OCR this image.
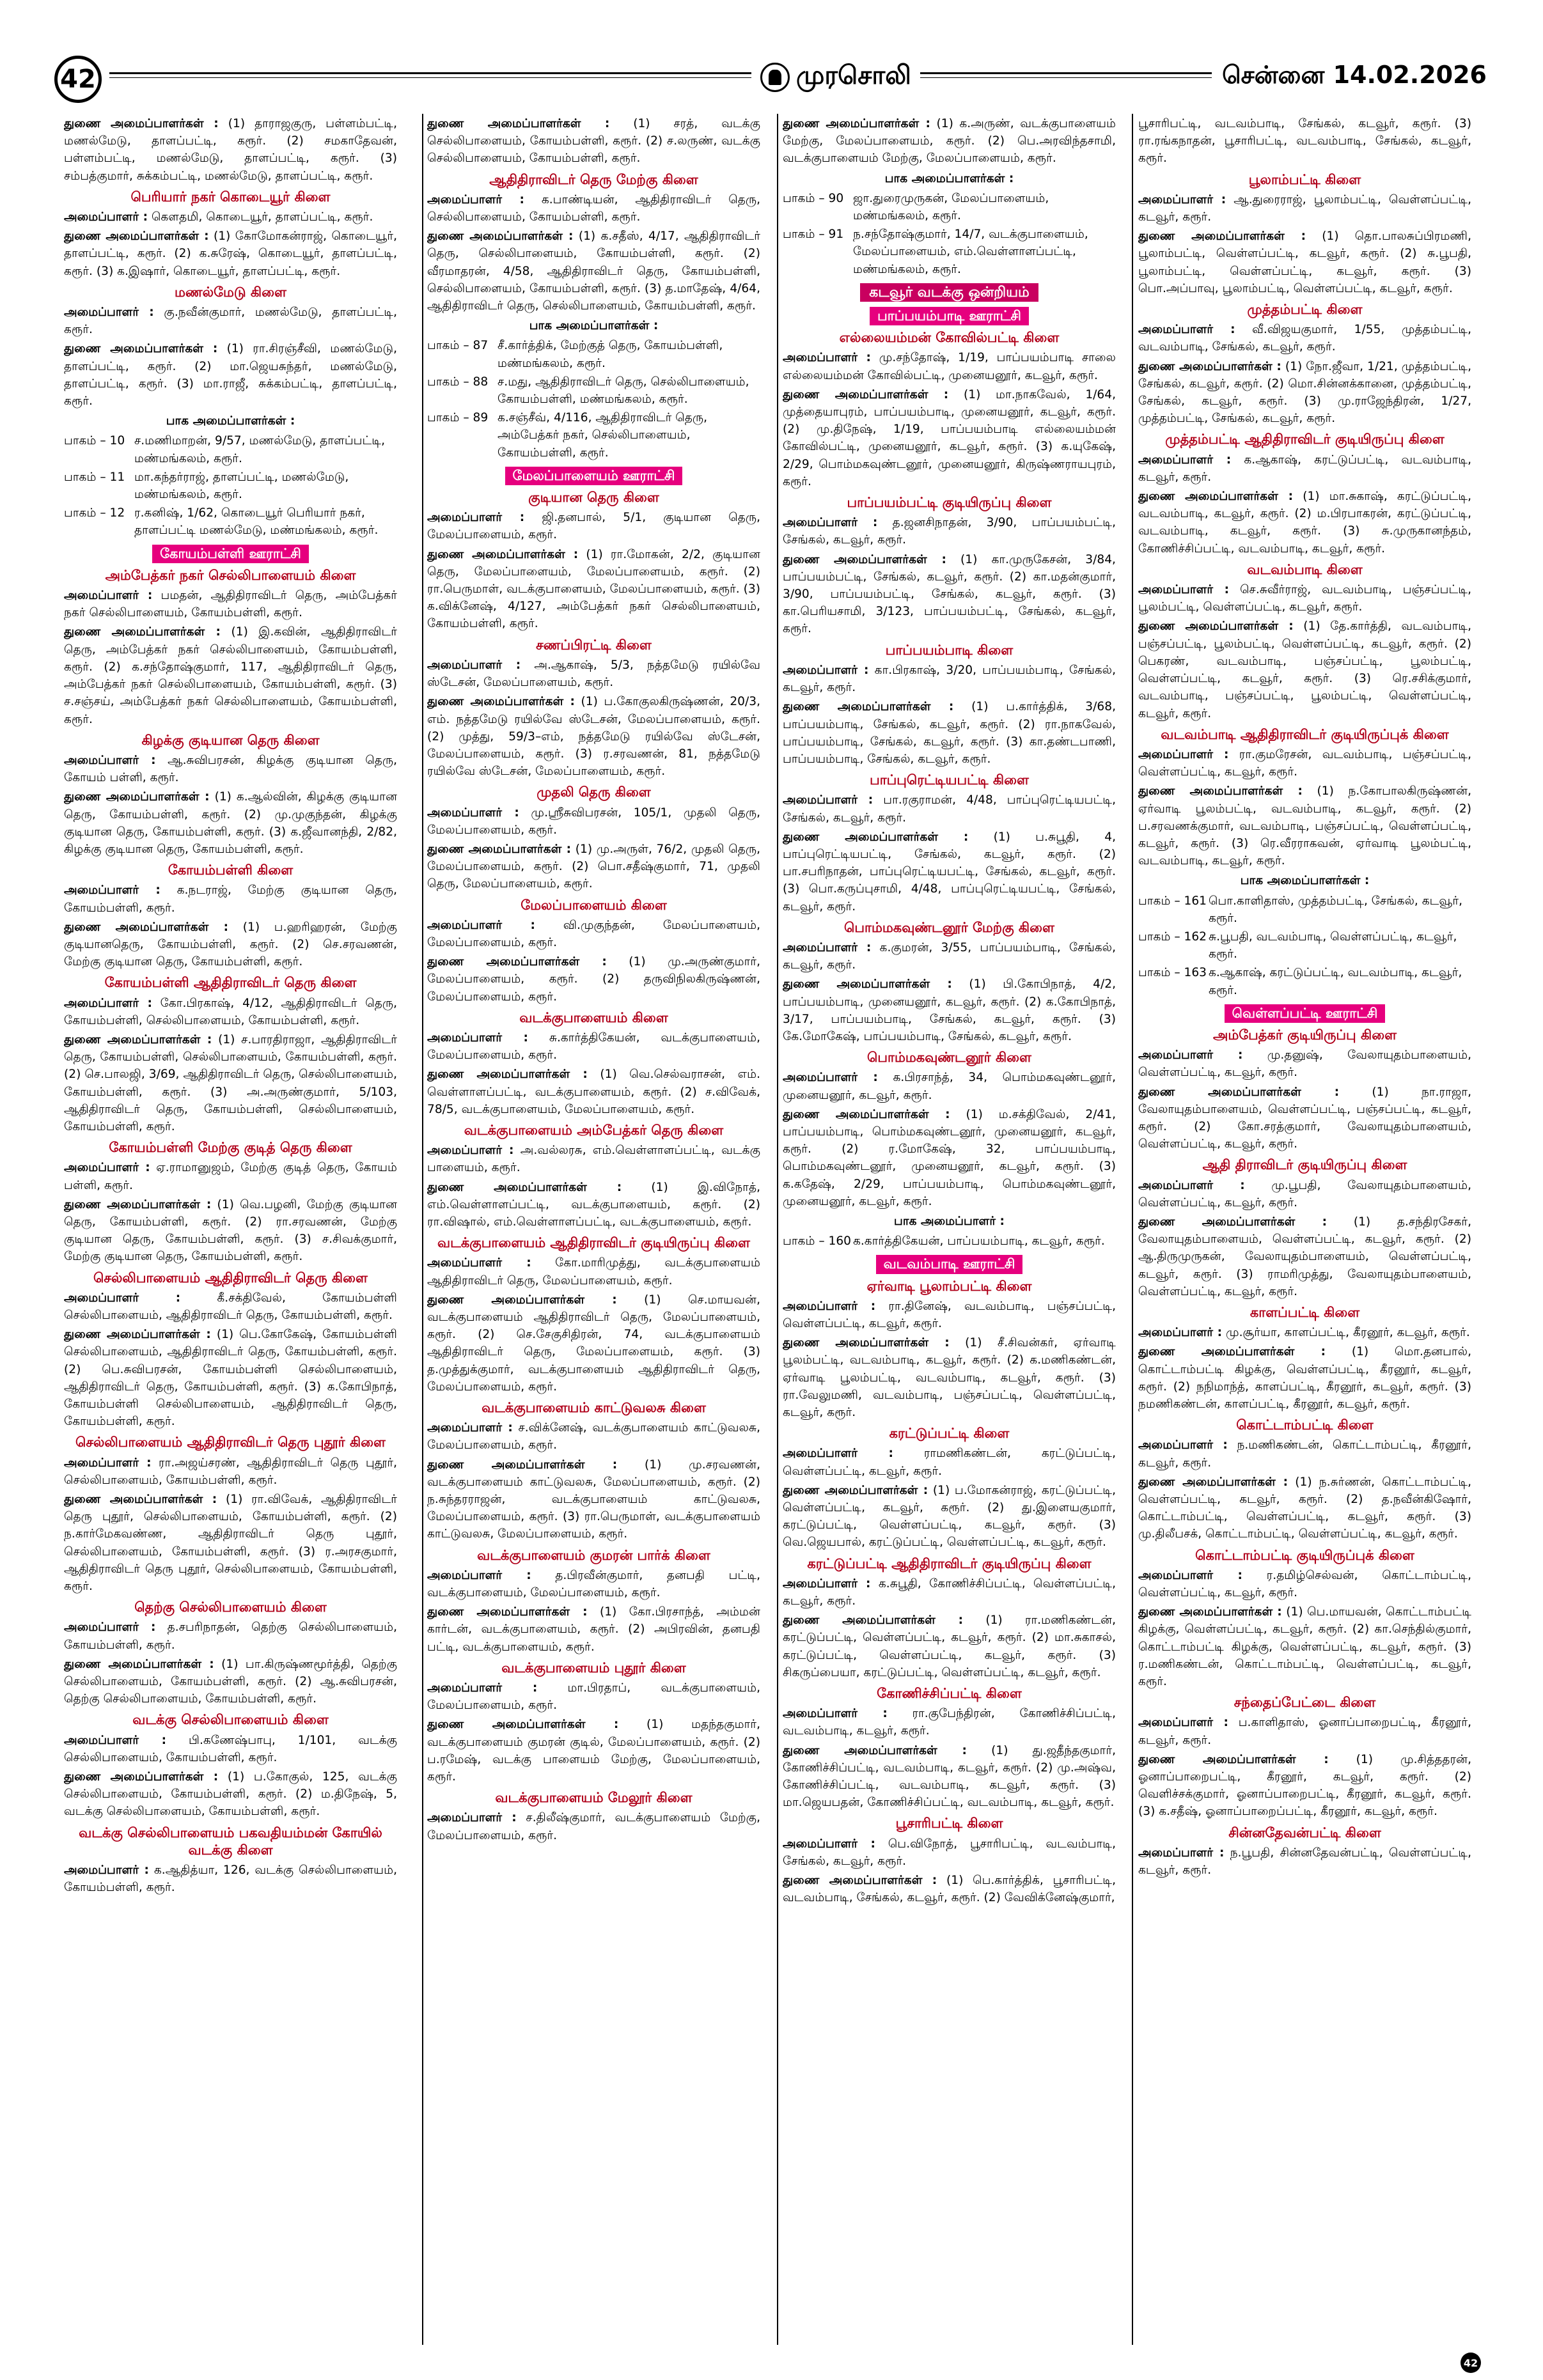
42	முரசொலி	சென்னை 14.02.2026
துணை அமைப்பாளர்கள் : (1) தாராஜகுரு, பள்ளம்பட்டி, மணல்மேடு, தாளப்பட்டி, கரூர். (2) சமகாதேவன், பள்ளம்பட்டி, மணல்மேடு, தாளப்பட்டி, கரூர். (3) சம்பத்குமார், சுக்கம்பட்டி, மணல்மேடு, தாளப்பட்டி, கரூர்.
பெரியார் நகர் கொடையூர் கிளை
அமைப்பாளர் : கௌதமி, கொடையூர், தாளப்பட்டி, கரூர்.
துணை அமைப்பாளர்கள் : (1) கோமோகன்ராஜ், கொடையூர், தாளப்பட்டி, கரூர். (2) க.சுரேஷ், கொடையூர், தாளப்பட்டி, கரூர். (3) க.இஷார், கொடையூர், தாளப்பட்டி, கரூர்.
மணல்மேடு கிளை
அமைப்பாளர் : கு.நவீன்குமார், மணல்மேடு, தாளப்பட்டி, கரூர்.
துணை அமைப்பாளர்கள் : (1) ரா.சிரஞ்சீவி, மணல்மேடு, தாளப்பட்டி, கரூர். (2) மா.ஜெயசுந்தர், மணல்மேடு, தாளப்பட்டி, கரூர். (3) மா.ராஜீ, சுக்கம்பட்டி, தாளப்பட்டி, கரூர்.
பாக அமைப்பாளர்கள் :
பாகம் – 10 ச.மணிமாறன், 9/57, மணல்மேடு, தாளப்பட்டி, மண்மங்கலம், கரூர்.
பாகம் – 11 மா.கந்தர்ராஜ், தாளப்பட்டி, மணல்மேடு, மண்மங்கலம், கரூர்.
பாகம் – 12 ர.கனிஷ், 1/62, கொடையூர் பெரியார் நகர், தாளப்பட்டி மணல்மேடு, மண்மங்கலம், கரூர்.
கோயம்பள்ளி ஊராட்சி
அம்பேத்கர் நகர் செல்லிபாளையம் கிளை
அமைப்பாளர் : பமதன், ஆதிதிராவிடர் தெரு, அம்பேத்கர் நகர் செல்லிபாளையம், கோயம்பள்ளி, கரூர்.
துணை அமைப்பாளர்கள் : (1) இ.கவின், ஆதிதிராவிடர் தெரு, அம்பேத்கர் நகர் செல்லிபாளையம், கோயம்பள்ளி, கரூர். (2) க.சந்தோஷ்குமார், 117, ஆதிதிராவிடர் தெரு, அம்பேத்கர் நகர் செல்லிபாளையம், கோயம்பள்ளி, கரூர். (3) ச.சஞ்சய், அம்பேத்கர் நகர் செல்லிபாளையம், கோயம்பள்ளி, கரூர்.
கிழக்கு குடியான தெரு கிளை
அமைப்பாளர் : ஆ.சுவிபரசன், கிழக்கு குடியான தெரு, கோயம் பள்ளி, கரூர்.
துணை அமைப்பாளர்கள் : (1) க.ஆல்வின், கிழக்கு குடியான தெரு, கோயம்பள்ளி, கரூர். (2) மு.முகுந்தன், கிழக்கு குடியான தெரு, கோயம்பள்ளி, கரூர். (3) க.ஜீவானந்தி, 2/82, கிழக்கு குடியான தெரு, கோயம்பள்ளி, கரூர்.
கோயம்பள்ளி கிளை
அமைப்பாளர் : க.நடராஜ், மேற்கு குடியான தெரு, கோயம்பள்ளி, கரூர்.
துணை அமைப்பாளர்கள் : (1) ப.ஹரிஹரன், மேற்கு குடியானதெரு, கோயம்பள்ளி, கரூர். (2) செ.சரவணன், மேற்கு குடியான தெரு, கோயம்பள்ளி, கரூர்.
கோயம்பள்ளி ஆதிதிராவிடர் தெரு கிளை
அமைப்பாளர் : கோ.பிரகாஷ், 4/12, ஆதிதிராவிடர் தெரு, கோயம்பள்ளி, செல்லிபாளையம், கோயம்பள்ளி, கரூர்.
துணை அமைப்பாளர்கள் : (1) ச.பாரதிராஜா, ஆதிதிராவிடர் தெரு, கோயம்பள்ளி, செல்லிபாளையம், கோயம்பள்ளி, கரூர். (2) செ.பாலஜி, 3/69, ஆதிதிராவிடர் தெரு, செல்லிபாளையம், கோயம்பள்ளி, கரூர். (3) அ.அருண்குமார், 5/103, ஆதிதிராவிடர் தெரு, கோயம்பள்ளி, செல்லிபாளையம், கோயம்பள்ளி, கரூர்.
கோயம்பள்ளி மேற்கு குடித் தெரு கிளை
அமைப்பாளர் : ஏ.ராமானுஜம், மேற்கு குடித் தெரு, கோயம் பள்ளி, கரூர்.
துணை அமைப்பாளர்கள் : (1) வெ.பழனி, மேற்கு குடியான தெரு, கோயம்பள்ளி, கரூர். (2) ரா.சரவணன், மேற்கு குடியான தெரு, கோயம்பள்ளி, கரூர். (3) ச.சிவக்குமார், மேற்கு குடியான தெரு, கோயம்பள்ளி, கரூர்.
செல்லிபாளையம் ஆதிதிராவிடர் தெரு கிளை
அமைப்பாளர் :	கீ.சக்திவேல், கோயம்பள்ளி செல்லிபாளையம், ஆதிதிராவிடர் தெரு, கோயம்பள்ளி, கரூர்.
துணை அமைப்பாளர்கள் : (1) பெ.கோகேஷ், கோயம்பள்ளி செல்லிபாளையம், ஆதிதிராவிடர் தெரு, கோயம்பள்ளி, கரூர். (2) பெ.சுவிபரசன், கோயம்பள்ளி செல்லிபாளையம், ஆதிதிராவிடர் தெரு, கோயம்பள்ளி, கரூர். (3) க.கோபிநாத், கோயம்பள்ளி செல்லிபாளையம், ஆதிதிராவிடர் தெரு, கோயம்பள்ளி, கரூர்.
செல்லிபாளையம் ஆதிதிராவிடர் தெரு புதூர் கிளை
அமைப்பாளர் : ரா.அஜய்சரண், ஆதிதிராவிடர் தெரு புதூர், செல்லிபாளையம், கோயம்பள்ளி, கரூர்.
துணை அமைப்பாளர்கள் : (1) ரா.விவேக், ஆதிதிராவிடர் தெரு புதூர், செல்லிபாளையம், கோயம்பள்ளி, கரூர். (2) ந.கார்மேகவண்ண, ஆதிதிராவிடர் தெரு புதூர், செல்லிபாளையம், கோயம்பள்ளி, கரூர். (3) ர.அரசகுமார், ஆதிதிராவிடர் தெரு புதூர், செல்லிபாளையம், கோயம்பள்ளி, கரூர்.
தெற்கு செல்லிபாளையம் கிளை
அமைப்பாளர் : த.சபரிநாதன், தெற்கு செல்லிபாளையம், கோயம்பள்ளி, கரூர்.
துணை அமைப்பாளர்கள் : (1) பா.கிருஷ்ணமூர்த்தி, தெற்கு செல்லிபாளையம், கோயம்பள்ளி, கரூர். (2) ஆ.சுவிபரசன், தெற்கு செல்லிபாளையம், கோயம்பள்ளி, கரூர்.
வடக்கு செல்லிபாளையம் கிளை
அமைப்பாளர் : பி.கணேஷ்பாபு, 1/101, வடக்கு செல்லிபாளையம், கோயம்பள்ளி, கரூர்.
துணை அமைப்பாளர்கள் : (1) ப.கோகுல், 125, வடக்கு செல்லிபாளையம், கோயம்பள்ளி, கரூர். (2) ம.திநேஷ், 5, வடக்கு செல்லிபாளையம், கோயம்பள்ளி, கரூர்.
வடக்கு செல்லிபாளையம் பகவதியம்மன் கோயில் வடக்கு கிளை
அமைப்பாளர் : க.ஆதித்யா, 126, வடக்கு செல்லிபாளையம், கோயம்பள்ளி, கரூர்.
துணை அமைப்பாளர்கள் : (1) சரத், வடக்கு செல்லிபாளையம், கோயம்பள்ளி, கரூர். (2) ச.லருண், வடக்கு செல்லிபாளையம், கோயம்பள்ளி, கரூர்.
ஆதிதிராவிடர் தெரு மேற்கு கிளை
அமைப்பாளர் : க.பாண்டியன், ஆதிதிராவிடர் தெரு, செல்லிபாளையம், கோயம்பள்ளி, கரூர்.
துணை அமைப்பாளர்கள் : (1) க.சதீஸ், 4/17, ஆதிதிராவிடர் தெரு, செல்லிபாளையம், கோயம்பள்ளி, கரூர். (2) வீரமாதரன், 4/58, ஆதிதிராவிடர் தெரு, கோயம்பள்ளி, செல்லிபாளையம், கோயம்பள்ளி, கரூர். (3) த.மாதேஷ், 4/64, ஆதிதிராவிடர் தெரு, செல்லிபாளையம், கோயம்பள்ளி, கரூர்.
பாக அமைப்பாளர்கள் :
பாகம் – 87 சீ.கார்த்திக், மேற்குத் தெரு, கோயம்பள்ளி, மண்மங்கலம், கரூர்.
பாகம் – 88 ச.மது, ஆதிதிராவிடர் தெரு, செல்லிபாளையம், கோயம்பள்ளி, மண்மங்கலம், கரூர்.
பாகம் – 89 க.சஞ்சீவ், 4/116, ஆதிதிராவிடர் தெரு, அம்பேத்கர் நகர், செல்லிபாளையம், கோயம்பள்ளி, கரூர்.
மேலப்பாளையம் ஊராட்சி
குடியான தெரு கிளை
அமைப்பாளர் : ஜி.தனபால், 5/1, குடியான தெரு, மேலப்பாளையம், கரூர்.
துணை அமைப்பாளர்கள் : (1) ரா.மோகன், 2/2, குடியான தெரு, மேலப்பாளையம், மேலப்பாளையம், கரூர். (2) ரா.பெருமாள், வடக்குபாளையம், மேலப்பாளையம், கரூர். (3) க.விக்னேஷ், 4/127, அம்பேத்கர் நகர் செல்லிபாளையம், கோயம்பள்ளி, கரூர்.
சணப்பிரட்டி கிளை
அமைப்பாளர் : அ.ஆகாஷ், 5/3, நத்தமேடு ரயில்வே ஸ்டேசன், மேலப்பாளையம், கரூர்.
துணை அமைப்பாளர்கள் : (1) ப.கோகுலகிருஷ்ணன், 20/3, எம். நத்தமேடு ரயில்வே ஸ்டேசன், மேலப்பாளையம், கரூர். (2) முத்து, 59/3–எம், நத்தமேடு ரயில்வே ஸ்டேசன், மேலப்பாளையம், கரூர். (3) ர.சரவணன், 81, நத்தமேடு ரயில்வே ஸ்டேசன், மேலப்பாளையம், கரூர்.
முதலி தெரு கிளை
அமைப்பாளர் : மு.ஸ்ரீசுவிபரசன், 105/1, முதலி தெரு, மேலப்பாளையம், கரூர்.
துணை அமைப்பாளர்கள் : (1) மு.அருள், 76/2, முதலி தெரு, மேலப்பாளையம், கரூர். (2) பொ.சதீஷ்குமார், 71, முதலி தெரு, மேலப்பாளையம், கரூர்.
மேலப்பாளையம் கிளை
அமைப்பாளர் : வி.முகுந்தன், மேலப்பாளையம், மேலப்பாளையம், கரூர்.
துணை அமைப்பாளர்கள் : (1) மு.அருண்குமார், மேலப்பாளையம், கரூர். (2) தருவிநிலகிருஷ்ணன், மேலப்பாளையம், கரூர்.
வடக்குபாளையம் கிளை
அமைப்பாளர் : சு.கார்த்திகேயன், வடக்குபாளையம், மேலப்பாளையம், கரூர்.
துணை அமைப்பாளர்கள் : (1) வெ.செல்வராசன், எம். வெள்ளாளப்பட்டி, வடக்குபாளையம், கரூர். (2) ச.விவேக், 78/5, வடக்குபாளையம், மேலப்பாளையம், கரூர்.
வடக்குபாளையம் அம்பேத்கர் தெரு கிளை
அமைப்பாளர் : அ.வல்லரசு, எம்.வெள்ளாளப்பட்டி, வடக்கு பாளையம், கரூர்.
துணை அமைப்பாளர்கள் : (1) இ.விநோத், எம்.வெள்ளாளப்பட்டி, வடக்குபாளையம், கரூர். (2) ரா.விஷால், எம்.வெள்ளாளப்பட்டி, வடக்குபாளையம், கரூர்.
வடக்குபாளையம் ஆதிதிராவிடர் குடியிருப்பு கிளை
அமைப்பாளர் : கோ.மாரிமுத்து, வடக்குபாளையம் ஆதிதிராவிடர் தெரு, மேலப்பாளையம், கரூர்.
துணை அமைப்பாளர்கள் : (1) செ.மாயவன், வடக்குபாளையம் ஆதிதிராவிடர் தெரு, மேலப்பாளையம், கரூர். (2) செ.சேகுசிதிரன், 74, வடக்குபாளையம் ஆதிதிராவிடர் தெரு, மேலப்பாளையம், கரூர். (3) த.முத்துக்குமார், வடக்குபாளையம் ஆதிதிராவிடர் தெரு, மேலப்பாளையம், கரூர்.
வடக்குபாளையம் காட்டுவலசு கிளை
அமைப்பாளர் : ச.விக்னேஷ், வடக்குபாளையம் காட்டுவலசு, மேலப்பாளையம், கரூர்.
துணை அமைப்பாளர்கள் : (1) மு.சரவணன், வடக்குபாளையம் காட்டுவலசு, மேலப்பாளையம், கரூர். (2) ந.சுந்தரராஜன், வடக்குபாளையம் காட்டுவலசு, மேலப்பாளையம், கரூர். (3) ரா.பெருமாள், வடக்குபாளையம் காட்டுவலசு, மேலப்பாளையம், கரூர்.
வடக்குபாளையம் குமரன் பார்க் கிளை
அமைப்பாளர் : த.பிரவீன்குமார், தனபதி பட்டி, வடக்குபாளையம், மேலப்பாளையம், கரூர்.
துணை அமைப்பாளர்கள் : (1) கோ.பிரசாந்த், அம்மன் கார்டன், வடக்குபாளையம், கரூர். (2) அபிரவின், தனபதி பட்டி, வடக்குபாளையம், கரூர்.
வடக்குபாளையம் புதூர் கிளை
அமைப்பாளர் :	மா.பிரதாப், வடக்குபாளையம், மேலப்பாளையம், கரூர்.
துணை அமைப்பாளர்கள் : (1) மதந்தகுமார், வடக்குபாளையம் குமரன் குடில், மேலப்பாளையம், கரூர். (2) ப.ரமேஷ், வடக்கு பாளையம் மேற்கு, மேலப்பாளையம், கரூர்.
வடக்குபாளையம் மேலூர் கிளை
அமைப்பாளர் : ச.திலீஷ்குமார், வடக்குபாளையம் மேற்கு, மேலப்பாளையம், கரூர்.
துணை அமைப்பாளர்கள் : (1) க.அருண், வடக்குபாளையம் மேற்கு, மேலப்பாளையம், கரூர். (2) பெ.அரவிந்தசாமி, வடக்குபாளையம் மேற்கு, மேலப்பாளையம், கரூர்.
பாக அமைப்பாளர்கள் :
பாகம் – 90 ஜா.துரைமுருகன், மேலப்பாளையம், மண்மங்கலம், கரூர்.
பாகம் – 91 ந.சந்தோஷ்குமார், 14/7, வடக்குபாளையம், மேலப்பாளையம், எம்.வெள்ளாளப்பட்டி, மண்மங்கலம், கரூர்.
கடவூர் வடக்கு ஒன்றியம்
பாப்பயம்பாடி ஊராட்சி
எல்லையம்மன் கோவில்பட்டி கிளை
அமைப்பாளர் : மு.சந்தோஷ், 1/19, பாப்பயம்பாடி சாலை எல்லையம்மன் கோவில்பட்டி, முனையனூர், கடவூர், கரூர்.
துணை அமைப்பாளர்கள் : (1) மா.நாகவேல், 1/64, முத்தையாபுரம், பாப்பயம்பாடி, முனையனூர், கடவூர், கரூர். (2) மு.திநேஷ், 1/19, பாப்பயம்பாடி எல்லையம்மன் கோவில்பட்டி, முனையனூர், கடவூர், கரூர். (3) க.யுகேஷ், 2/29, பொம்மகவுண்டனூர், முனையனூர், கிருஷ்ணராயபுரம், கரூர்.
பாப்பயம்பட்டி குடியிருப்பு கிளை
அமைப்பாளர் : த.ஜனசிநாதன், 3/90, பாப்பயம்பட்டி, சேங்கல், கடவூர், கரூர்.
துணை அமைப்பாளர்கள் : (1) கா.முருகேசன், 3/84, பாப்பயம்பட்டி, சேங்கல், கடவூர், கரூர். (2) கா.மதன்குமார், 3/90, பாப்பயம்பட்டி, சேங்கல், கடவூர், கரூர். (3) கா.பெரியசாமி, 3/123, பாப்பயம்பட்டி, சேங்கல், கடவூர், கரூர்.
பாப்பயம்பாடி கிளை
அமைப்பாளர் : கா.பிரகாஷ், 3/20, பாப்பயம்பாடி, சேங்கல், கடவூர், கரூர்.
துணை அமைப்பாளர்கள் : (1) ப.கார்த்திக், 3/68, பாப்பயம்பாடி, சேங்கல், கடவூர், கரூர். (2) ரா.நாகவேல், பாப்பயம்பாடி, சேங்கல், கடவூர், கரூர். (3) கா.தண்டபாணி, பாப்பயம்பாடி, சேங்கல், கடவூர், கரூர்.
பாப்புரெட்டியபட்டி கிளை
அமைப்பாளர் : பா.ரகுராமன், 4/48, பாப்புரெட்டியபட்டி, சேங்கல், கடவூர், கரூர்.
துணை அமைப்பாளர்கள் : (1) ப.சுபூதி, 4, பாப்புரெட்டியபட்டி, சேங்கல், கடவூர், கரூர். (2) பா.சபரிநாதன், பாப்புரெட்டியபட்டி, சேங்கல், கடவூர், கரூர். (3) பொ.கருப்புசாமி, 4/48, பாப்புரெட்டியபட்டி, சேங்கல், கடவூர், கரூர்.
பொம்மகவுண்டனூர் மேற்கு கிளை
அமைப்பாளர் : க.குமரன், 3/55, பாப்பயம்பாடி, சேங்கல், கடவூர், கரூர்.
துணை அமைப்பாளர்கள் : (1) பி.கோபிநாத், 4/2, பாப்பயம்பாடி, முனையனூர், கடவூர், கரூர். (2) க.கோபிநாத், 3/17, பாப்பயம்பாடி, சேங்கல், கடவூர், கரூர். (3) கே.மோகேஷ், பாப்பயம்பாடி, சேங்கல், கடவூர், கரூர்.
பொம்மகவுண்டனூர் கிளை
அமைப்பாளர் : க.பிரசாந்த், 34, பொம்மகவுண்டனூர், முனையனூர், கடவூர், கரூர்.
துணை அமைப்பாளர்கள் : (1) ம.சக்திவேல், 2/41, பாப்பயம்பாடி, பொம்மகவுண்டனூர், முனையனூர், கடவூர், கரூர். (2) ர.மோகேஷ், 32, பாப்பயம்பாடி, பொம்மகவுண்டனூர், முனையனூர், கடவூர், கரூர். (3) க.கதேஷ், 2/29, பாப்பயம்பாடி, பொம்மகவுண்டனூர், முனையனூர், கடவூர், கரூர்.
பாக அமைப்பாளர் :
பாகம் – 160 க.கார்த்திகேயன், பாப்பயம்பாடி, கடவூர், கரூர்.
வடவம்பாடி ஊராட்சி
ஏர்வாடி பூலாம்பட்டி கிளை
அமைப்பாளர் : ரா.தினேஷ், வடவம்பாடி, பஞ்சப்பட்டி, வெள்ளப்பட்டி, கடவூர், கரூர்.
துணை அமைப்பாளர்கள் : (1) சீ.சிவன்கர், ஏர்வாடி பூலம்பட்டி, வடவம்பாடி, கடவூர், கரூர். (2) க.மணிகண்டன், ஏர்வாடி பூலம்பட்டி, வடவம்பாடி, கடவூர், கரூர். (3) ரா.வேலுமணி, வடவம்பாடி, பஞ்சப்பட்டி, வெள்ளப்பட்டி, கடவூர், கரூர்.
கரட்டுப்பட்டி கிளை
அமைப்பாளர் :	ராமணிகண்டன், கரட்டுப்பட்டி, வெள்ளப்பட்டி, கடவூர், கரூர்.
துணை அமைப்பாளர்கள் : (1) ப.மோகன்ராஜ், கரட்டுப்பட்டி, வெள்ளப்பட்டி, கடவூர், கரூர். (2) து.இளையகுமார், கரட்டுப்பட்டி, வெள்ளப்பட்டி, கடவூர், கரூர். (3) வெ.ஜெயபால், கரட்டுப்பட்டி, வெள்ளப்பட்டி, கடவூர், கரூர்.
கரட்டுப்பட்டி ஆதிதிராவிடர் குடியிருப்பு கிளை
அமைப்பாளர் : க.சுபூதி, கோணிச்சிப்பட்டி, வெள்ளப்பட்டி, கடவூர், கரூர்.
துணை அமைப்பாளர்கள் : (1) ரா.மணிகண்டன், கரட்டுப்பட்டி, வெள்ளப்பட்டி, கடவூர், கரூர். (2) மா.சுகாசல், கரட்டுப்பட்டி, வெள்ளப்பட்டி, கடவூர், கரூர். (3) சிகருப்பையா, கரட்டுப்பட்டி, வெள்ளப்பட்டி, கடவூர், கரூர்.
கோணிச்சிப்பட்டி கிளை
அமைப்பாளர் : ரா.குபேந்திரன், கோணிச்சிப்பட்டி, வடவம்பாடி, கடவூர், கரூர்.
துணை அமைப்பாளர்கள் : (1) து.ஜதீந்தகுமார், கோணிச்சிப்பட்டி, வடவம்பாடி, கடவூர், கரூர். (2) மு.அஷ்வ, கோணிச்சிப்பட்டி, வடவம்பாடி, கடவூர், கரூர். (3) மா.ஜெயபதன், கோணிச்சிப்பட்டி, வடவம்பாடி, கடவூர், கரூர்.
பூசாரிபட்டி கிளை
அமைப்பாளர் : பெ.விநோத், பூசாரிபட்டி, வடவம்பாடி, சேங்கல், கடவூர், கரூர்.
துணை அமைப்பாளர்கள் : (1) பெ.கார்த்திக், பூசாரிபட்டி, வடவம்பாடி, சேங்கல், கடவூர், கரூர். (2) வேவிக்னேஷ்குமார்,
பூசாரிபட்டி, வடவம்பாடி, சேங்கல், கடவூர், கரூர். (3) ரா.ரங்கநாதன், பூசாரிபட்டி, வடவம்பாடி, சேங்கல், கடவூர், கரூர்.
பூலாம்பட்டி கிளை
அமைப்பாளர் : ஆ.துரைராஜ், பூலாம்பட்டி, வெள்ளப்பட்டி, கடவூர், கரூர்.
துணை அமைப்பாளர்கள் : (1) தொ.பாலசுப்பிரமணி, பூலாம்பட்டி, வெள்ளப்பட்டி, கடவூர், கரூர். (2) சு.பூபதி, பூலாம்பட்டி, வெள்ளப்பட்டி, கடவூர், கரூர். (3) பொ.அப்பாவு, பூலாம்பட்டி, வெள்ளப்பட்டி, கடவூர், கரூர்.
முத்தம்பட்டி கிளை
அமைப்பாளர் : வீ.விஜயகுமார், 1/55, முத்தம்பட்டி, வடவம்பாடி, சேங்கல், கடவூர், கரூர்.
துணை அமைப்பாளர்கள் : (1) நோ.ஜீவா, 1/21, முத்தம்பட்டி, சேங்கல், கடவூர், கரூர். (2) மொ.சின்னக்கானை, முத்தம்பட்டி, சேங்கல், கடவூர், கரூர். (3) மு.ராஜேந்திரன், 1/27, முத்தம்பட்டி, சேங்கல், கடவூர், கரூர்.
முத்தம்பட்டி ஆதிதிராவிடர் குடியிருப்பு கிளை
அமைப்பாளர் : க.ஆகாஷ், கரட்டுப்பட்டி, வடவம்பாடி, கடவூர், கரூர்.
துணை அமைப்பாளர்கள் : (1) மா.சுகாஷ், கரட்டுப்பட்டி, வடவம்பாடி, கடவூர், கரூர். (2) ம.பிரபாகரன், கரட்டுப்பட்டி, வடவம்பாடி, கடவூர், கரூர். (3) சு.முருகானந்தம், கோணிச்சிப்பட்டி, வடவம்பாடி, கடவூர், கரூர்.
வடவம்பாடி கிளை
அமைப்பாளர் : செ.சுவீர்ராஜ், வடவம்பாடி, பஞ்சப்பட்டி, பூலம்பட்டி, வெள்ளப்பட்டி, கடவூர், கரூர்.
துணை அமைப்பாளர்கள் : (1) தே.கார்த்தி, வடவம்பாடி, பஞ்சப்பட்டி, பூலம்பட்டி, வெள்ளப்பட்டி, கடவூர், கரூர். (2) பெகரண், வடவம்பாடி, பஞ்சப்பட்டி, பூலம்பட்டி, வெள்ளப்பட்டி, கடவூர், கரூர். (3) ரெ.சசிக்குமார், வடவம்பாடி, பஞ்சப்பட்டி, பூலம்பட்டி, வெள்ளப்பட்டி, கடவூர், கரூர்.
வடவம்பாடி ஆதிதிராவிடர் குடியிருப்புக் கிளை
அமைப்பாளர் : ரா.குமரேசன், வடவம்பாடி, பஞ்சப்பட்டி, வெள்ளப்பட்டி, கடவூர், கரூர்.
துணை அமைப்பாளர்கள் : (1) ந.கோபாலகிருஷ்ணன், ஏர்வாடி பூலம்பட்டி, வடவம்பாடி, கடவூர், கரூர். (2) ப.சரவணக்குமார், வடவம்பாடி, பஞ்சப்பட்டி, வெள்ளப்பட்டி, கடவூர், கரூர். (3) ரெ.வீரராகவன், ஏர்வாடி பூலம்பட்டி, வடவம்பாடி, கடவூர், கரூர்.
பாக அமைப்பாளர்கள் :
பாகம் – 161 பொ.காளிதாஸ், முத்தம்பட்டி, சேங்கல், கடவூர், கரூர்.
பாகம் – 162 சு.பூபதி, வடவம்பாடி, வெள்ளப்பட்டி, கடவூர், கரூர்.
பாகம் – 163 க.ஆகாஷ், கரட்டுப்பட்டி, வடவம்பாடி, கடவூர், கரூர்.
வெள்ளப்பட்டி ஊராட்சி
அம்பேத்கர் குடியிருப்பு கிளை
அமைப்பாளர் : மு.தனுஷ், வேலாயுதம்பாளையம், வெள்ளப்பட்டி, கடவூர், கரூர்.
துணை அமைப்பாளர்கள் :	(1) நா.ராஜா, வேலாயுதம்பாளையம், வெள்ளப்பட்டி, பஞ்சப்பட்டி, கடவூர், கரூர். (2) கோ.சரத்குமார், வேலாயுதம்பாளையம், வெள்ளப்பட்டி, கடவூர், கரூர்.
ஆதி திராவிடர் குடியிருப்பு கிளை
அமைப்பாளர் : மு.பூபதி, வேலாயுதம்பாளையம், வெள்ளப்பட்டி, கடவூர், கரூர்.
துணை அமைப்பாளர்கள் : (1) த.சந்திரசேகர், வேலாயுதம்பாளையம், வெள்ளப்பட்டி, கடவூர், கரூர். (2) ஆ.திருமுருகன், வேலாயுதம்பாளையம், வெள்ளப்பட்டி, கடவூர், கரூர். (3) ராமரிமுத்து, வேலாயுதம்பாளையம், வெள்ளப்பட்டி, கடவூர், கரூர்.
காளப்பட்டி கிளை
அமைப்பாளர் : மு.சூர்யா, காளப்பட்டி, கீரனூர், கடவூர், கரூர்.
துணை அமைப்பாளர்கள் : (1) மொ.தனபால், கொட்டாம்பட்டி கிழக்கு, வெள்ளப்பட்டி, கீரனூர், கடவூர், கரூர். (2) நநிமாந்த், காளப்பட்டி, கீரனூர், கடவூர், கரூர். (3) நமணிகண்டன், காளப்பட்டி, கீரனூர், கடவூர், கரூர்.
கொட்டாம்பட்டி கிளை
அமைப்பாளர் : ந.மணிகண்டன், கொட்டாம்பட்டி, கீரனூர், கடவூர், கரூர்.
துணை அமைப்பாளர்கள் : (1) ந.சுர்ணன், கொட்டாம்பட்டி, வெள்ளப்பட்டி, கடவூர், கரூர். (2) த.நவீன்கிஷோர், கொட்டாம்பட்டி, வெள்ளப்பட்டி, கடவூர், கரூர். (3) மு.திலீபசக், கொட்டாம்பட்டி, வெள்ளப்பட்டி, கடவூர், கரூர்.
கொட்டாம்பட்டி குடியிருப்புக் கிளை
அமைப்பாளர் : ர.தமிழ்செல்வன், கொட்டாம்பட்டி, வெள்ளப்பட்டி, கடவூர், கரூர்.
துணை அமைப்பாளர்கள் : (1) பெ.மாயவன், கொட்டாம்பட்டி கிழக்கு, வெள்ளப்பட்டி, கடவூர், கரூர். (2) கா.செந்தில்குமார், கொட்டாம்பட்டி கிழக்கு, வெள்ளப்பட்டி, கடவூர், கரூர். (3) ர.மணிகண்டன், கொட்டாம்பட்டி, வெள்ளப்பட்டி, கடவூர், கரூர்.
சந்தைப்பேட்டை கிளை
அமைப்பாளர் : ப.காளிதாஸ், ஓனாப்பாறைபட்டி, கீரனூர், கடவூர், கரூர்.
துணை அமைப்பாளர்கள் : (1) மு.சித்ததரன், ஓனாப்பாறைபட்டி, கீரனூர், கடவூர், கரூர். (2) வெளிச்சக்குமார், ஓனாப்பாறைபட்டி, கீரனூர், கடவூர், கரூர். (3) க.சதீஷ், ஓனாப்பாறைப்பட்டி, கீரனூர், கடவூர், கரூர்.
சின்னதேவன்பட்டி கிளை
அமைப்பாளர் : ந.பூபதி, சின்னதேவன்பட்டி, வெள்ளப்பட்டி, கடவூர், கரூர்.
42
